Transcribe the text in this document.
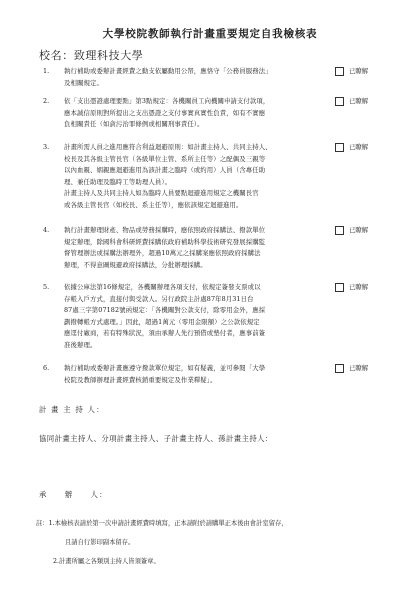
大學校院教師執行計畫重要規定自我檢核表
校名：致理科技大學
1. 執行補助或委辦計畫經費之動支依屬動用公帑，應恪守「公務員服務法」
及相關規定。
已瞭解
2. 依「支出憑證處理要點」第3點規定：各機關員工向機關申請支付款項，
應本誠信原則對所提出之支出憑證之支付事實真實性負責，如有不實應
負相關責任（如貪污治罪條例或相關刑事責任）。
已瞭解
3. 計畫所需人員之進用應符合利益迴避原則：如計畫主持人、共同主持人、
校長及其各級主管長官（各級單位主管、系所主任等）之配偶及三親等
以內血親、姻親應迴避進用為該計畫之臨時（或約用）人員（含專任助
理、兼任助理及臨時工等助理人員）。
計畫主持人及共同主持人如為臨時人員要點迴避進用規定之機關長官
或各級主管長官（如校長、系主任等），應依該規定迴避進用。
已瞭解
4. 執行計畫辦理財產、物品或勞務採購時，應依照政府採購法、撥款單位
規定辦理，除國科會科研經費採購依政府補助科學技術研究發展採購監
督管理辦法或採購法辦理外，超過10萬元之採購案應依照政府採購法
辦理，不得意圖規避政府採購法，分批辦理採購。
已瞭解
5. 依據公庫法第16條規定，各機關辦理各項支付，依規定簽發支票或以
存帳入戶方式，直接付與受款人。另行政院主計處87年8月31日台
87處三字第07182號函規定：「各機關對公款支付，除零用金外，應採
劃撥轉帳方式處理。」因此，超過1萬元（零用金限額）之公款依規定
應逕付廠商，若有特殊狀況，須由承辦人先行預借或墊付者，應事前簽
准後辦理。
已瞭解
6. 執行補助或委辦計畫應遵守撥款單位規定，如有疑義，並可參閱「大學
校院及教師辦理計畫經費核銷重要規定及作業釋疑」。
已瞭解
計 畫 主 持 人：
協同計畫主持人、分項計畫主持人、子計畫主持人、孫計畫主持人：
承　　辦　　人：
註：1.本檢核表請於第一次申請計畫經費時填寫，正本請附於請購單正本後由會計室留存，
且請自行影印副本留存。
2.計畫所屬之各類別主持人皆須簽章。
